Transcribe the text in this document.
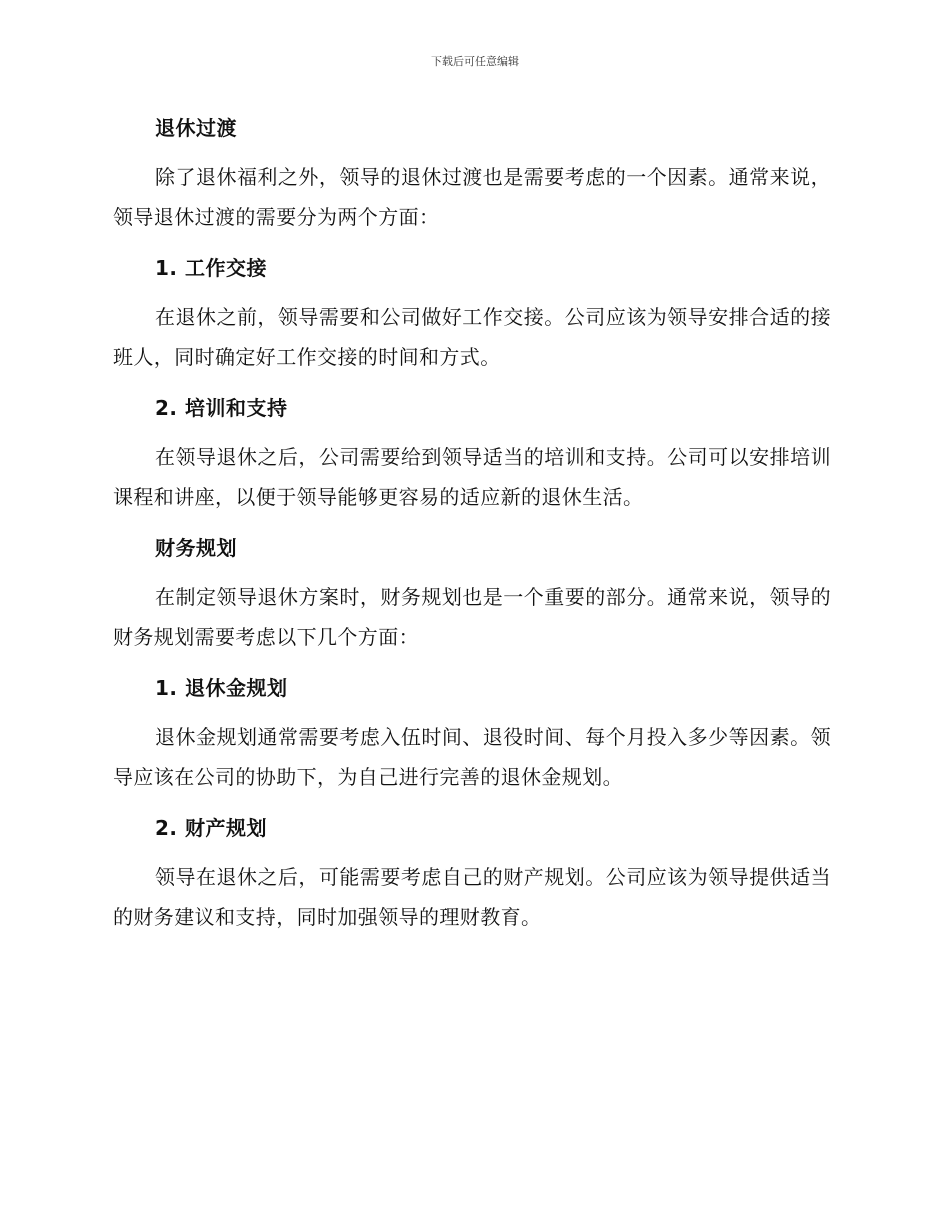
下载后可任意编辑
退休过渡
除了退休福利之外，领导的退休过渡也是需要考虑的一个因素。通常来说，领导退休过渡的需要分为两个方面：
1. 工作交接
在退休之前，领导需要和公司做好工作交接。公司应该为领导安排合适的接班人，同时确定好工作交接的时间和方式。
2. 培训和支持
在领导退休之后，公司需要给到领导适当的培训和支持。公司可以安排培训课程和讲座，以便于领导能够更容易的适应新的退休生活。
财务规划
在制定领导退休方案时，财务规划也是一个重要的部分。通常来说，领导的财务规划需要考虑以下几个方面：
1. 退休金规划
退休金规划通常需要考虑入伍时间、退役时间、每个月投入多少等因素。领导应该在公司的协助下，为自己进行完善的退休金规划。
2. 财产规划
领导在退休之后，可能需要考虑自己的财产规划。公司应该为领导提供适当的财务建议和支持，同时加强领导的理财教育。
